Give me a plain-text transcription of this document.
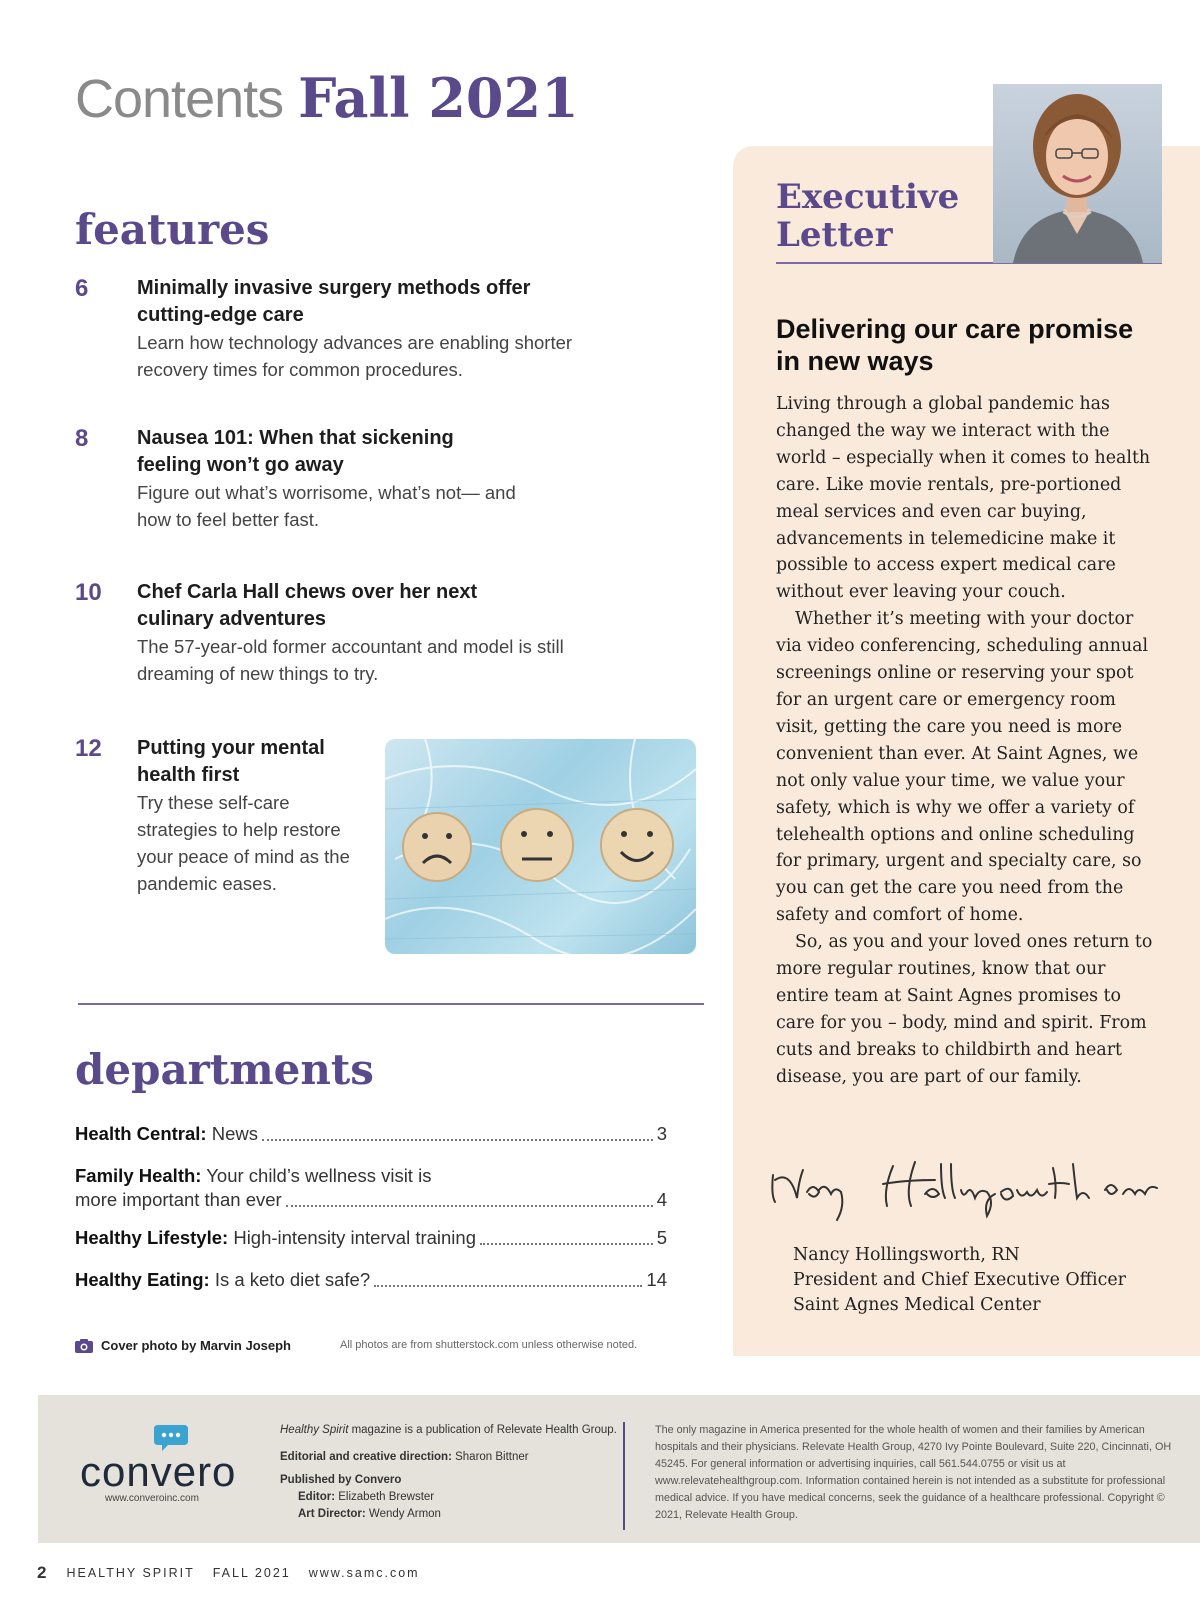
Contents Fall 2021
features
6	Minimally invasive surgery methods offer cutting-edge care
Learn how technology advances are enabling shorter recovery times for common procedures.
8	Nausea 101: When that sickening feeling won’t go away
Figure out what’s worrisome, what’s not— and how to feel better fast.
10	Chef Carla Hall chews over her next culinary adventures
The 57-year-old former accountant and model is still dreaming of new things to try.
12	Putting your mental health first
Try these self-care strategies to help restore your peace of mind as the pandemic eases.
departments
Health Central: News	3
Family Health: Your child’s wellness visit is
more important than ever	4
Healthy Lifestyle: High-intensity interval training	5
Healthy Eating: Is a keto diet safe?	14
Cover photo by Marvin Joseph	All photos are from shutterstock.com unless otherwise noted.
Executive
Letter
Delivering our care promise in new ways

Living through a global pandemic has changed the way we interact with the world – especially when it comes to health care. Like movie rentals, pre-portioned meal services and even car buying, advancements in telemedicine make it possible to access expert medical care without ever leaving your couch.

Whether it’s meeting with your doctor via video conferencing, scheduling annual screenings online or reserving your spot for an urgent care or emergency room visit, getting the care you need is more convenient than ever. At Saint Agnes, we not only value your time, we value your safety, which is why we offer a variety of telehealth options and online scheduling for primary, urgent and specialty care, so you can get the care you need from the safety and comfort of home.

So, as you and your loved ones return to more regular routines, know that our entire team at Saint Agnes promises to care for you – body, mind and spirit. From cuts and breaks to childbirth and heart disease, you are part of our family.

Nancy Hollingsworth, RN
President and Chief Executive Officer
Saint Agnes Medical Center
convero
www.converoinc.com
Healthy Spirit magazine is a publication of Relevate Health Group.
Editorial and creative direction: Sharon Bittner
Published by Convero
Editor: Elizabeth Brewster
Art Director: Wendy Armon
The only magazine in America presented for the whole health of women and their families by American hospitals and their physicians. Relevate Health Group, 4270 Ivy Pointe Boulevard, Suite 220, Cincinnati, OH 45245. For general information or advertising inquiries, call 561.544.0755 or visit us at www.relevatehealthgroup.com. Information contained herein is not intended as a substitute for professional medical advice. If you have medical concerns, seek the guidance of a healthcare professional. Copyright © 2021, Relevate Health Group.
2 HEALTHY SPIRIT FALL 2021 www.samc.com
